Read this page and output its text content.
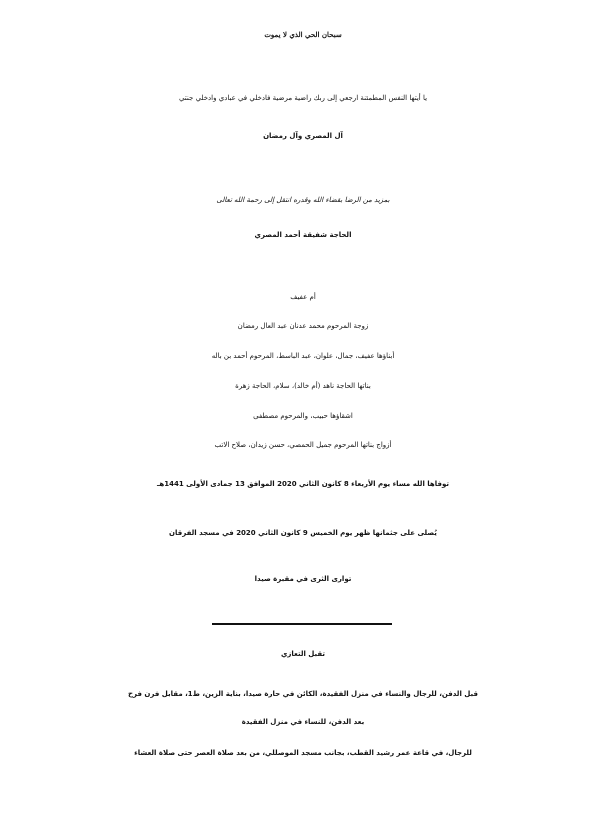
سبحان الحي الذي لا يموت
يا أيتها النفس المطمئنة ارجعي إلى ربك راضية مرضية فادخلي في عبادي وادخلي جنتي
آل المصري وآل رمضان
بمزيد من الرضا بقضاء الله وقدره انتقل إلى رحمة الله تعالى
الحاجة شفيقة أحمد المصري
أم عفيف
زوجة المرحوم محمد عدنان عبد العال رمضان
أبناؤها عفيف، جمال، علوان، عبد الباسط، المرحوم أحمد بن باله
بناتها الحاجة ناهد (أم خالد)، سلام، الحاجة زهرة
اشقاؤها حبيب، والمرحوم مصطفى
أزواج بناتها المرحوم جميل الحمصي، حسن زيدان، صلاح الاتب
توفاها الله مساء يوم الأربعاء 8 كانون الثاني 2020 الموافق 13 جمادى الأولى 1441هـ
يُصلى على جثمانها ظهر يوم الخميس 9 كانون الثاني 2020 في مسجد الفرقان
توارى الثرى في مقبرة صيدا
تقبل التعازي
قبل الدفن، للرجال والنساء في منزل الفقيدة، الكائن في حارة صيدا، بناية الزين، ط1، مقابل فرن فرح
بعد الدفن، للنساء في منزل الفقيدة
للرجال، في قاعة عمر رشيد القطب، بجانب مسجد الموصللي، من بعد صلاة العصر حتى صلاة العشاء
